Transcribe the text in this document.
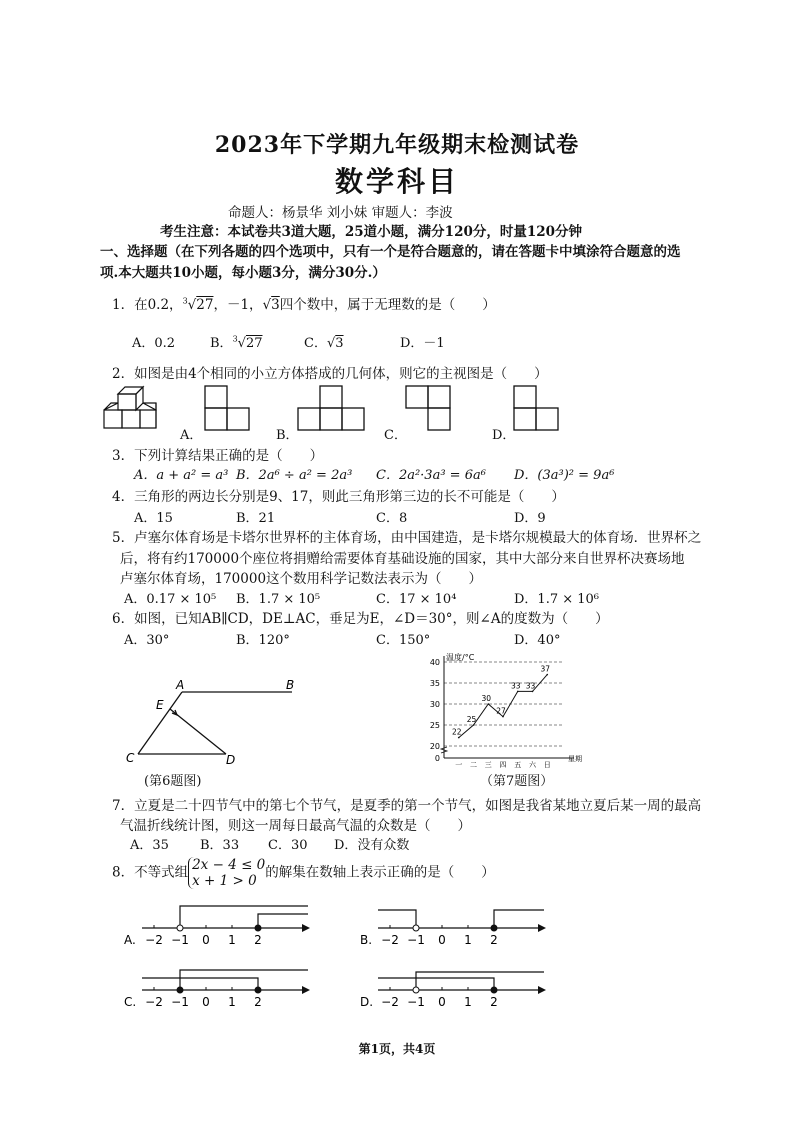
2023年下学期九年级期末检测试卷
数学科目
命题人：杨景华 刘小妹 审题人：李波
考生注意：本试卷共3道大题，25道小题，满分120分，时量120分钟
一、选择题（在下列各题的四个选项中，只有一个是符合题意的，请在答题卡中填涂符合题意的选
项.本大题共10小题，每小题3分，满分30分.）
1．在0.2，$^3$√27，－1，√3四个数中，属于无理数的是（　　）
A．0.2	B．$^3$√27	C．√3	D．－1
2．如图是由4个相同的小立方体搭成的几何体，则它的主视图是（　　）
A．	B．	C．	D．
3．下列计算结果正确的是（　　）
A．a + a² = a³ B．2a⁶ ÷ a² = 2a³ C．2a²·3a³ = 6a⁶ D．(3a³)² = 9a⁶
4．三角形的两边长分别是9、17，则此三角形第三边的长不可能是（　　）
A．15	B．21	C．8	D．9
5．卢塞尔体育场是卡塔尔世界杯的主体育场，由中国建造，是卡塔尔规模最大的体育场．世界杯之
后，将有约170000个座位将捐赠给需要体育基础设施的国家，其中大部分来自世界杯决赛场地
卢塞尔体育场，170000这个数用科学记数法表示为（　　）
A．0.17 × 10⁵ B．1.7 × 10⁵	C．17 × 10⁴	D．1.7 × 10⁶
6．如图，已知AB∥CD，DE⊥AC，垂足为E，∠D＝30°，则∠A的度数为（　　）
A．30°	B．120°	C．150°	D．40°
A	B
C	D
E
(第6题图)
温度/°C
星期
0
20
25
30
35
40
一 二 三 四 五 六 日
22
25
30
27
33 33
37
（第7题图）
7．立夏是二十四节气中的第七个节气，是夏季的第一个节气，如图是我省某地立夏后某一周的最高
气温折线统计图，则这一周每日最高气温的众数是（　　）
A．35 B．33 C．30 D．没有众数
8．不等式组 2x − 4 ≤ 0
x + 1 > 0的解集在数轴上表示正确的是（　　）
−2 −1 0 1 2
A.	−2 −1 0 1 2
B.
−2 −1 0 1 2
C.	−2 −1 0 1 2
D.
第1页，共4页
